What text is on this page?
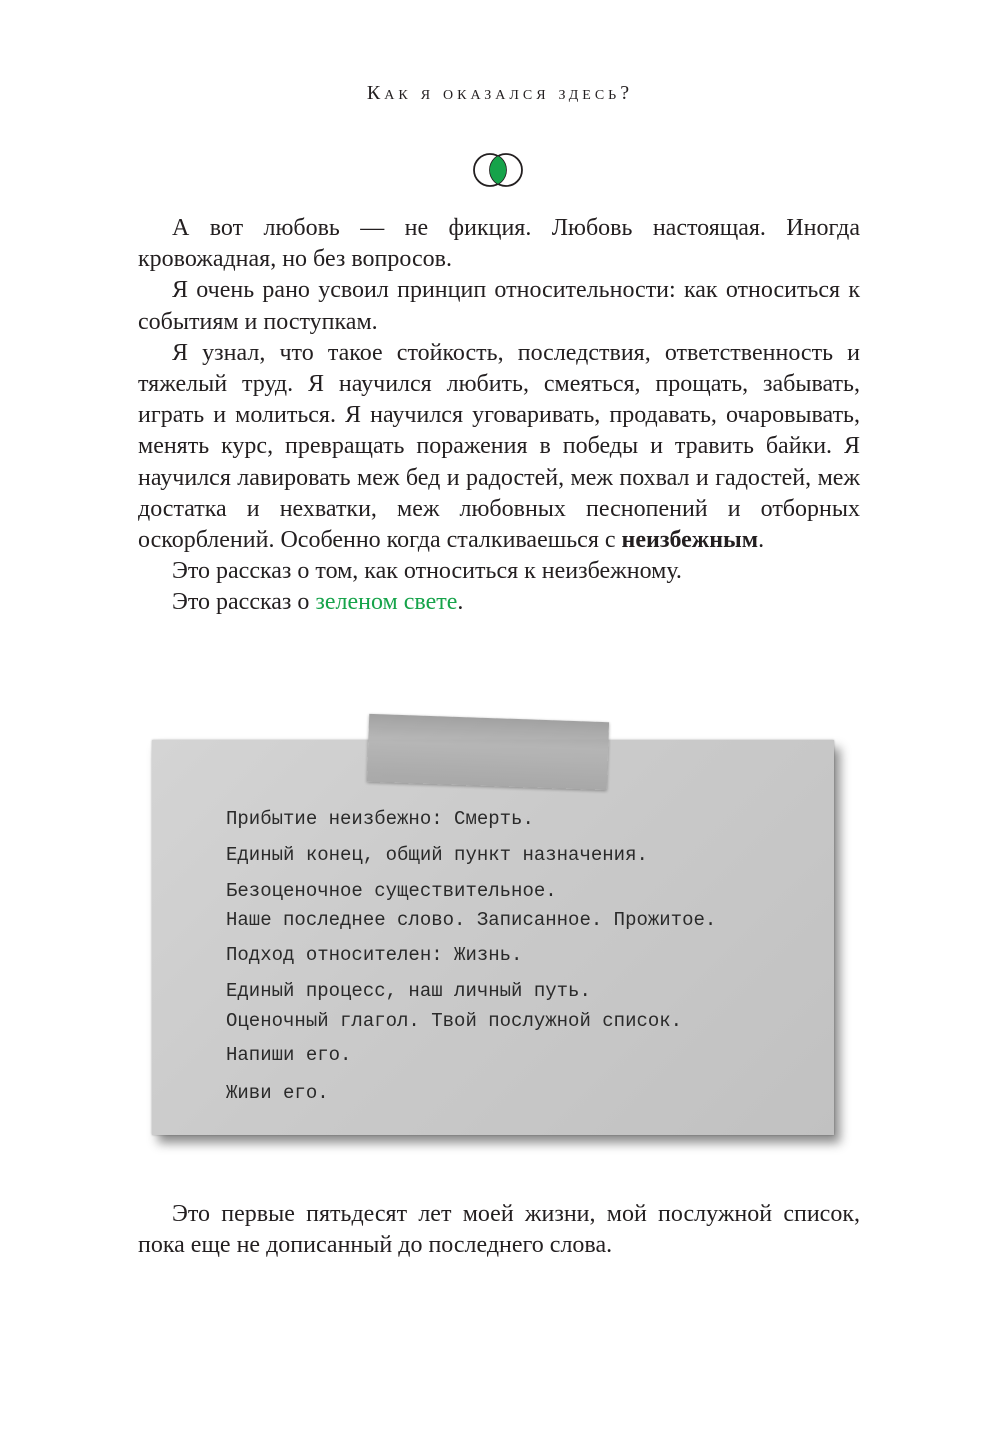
Как я оказался здесь?

А вот любовь — не фикция. Любовь настоящая. Иногда кровожадная, но без вопросов.

Я очень рано усвоил принцип относительности: как относиться к событиям и поступкам.

Я узнал, что такое стойкость, последствия, ответственность и тяжелый труд. Я научился любить, смеяться, прощать, забывать, играть и молиться. Я научился уговаривать, продавать, очаровывать, менять курс, превращать поражения в победы и травить байки. Я научился лавировать меж бед и радостей, меж похвал и гадостей, меж достатка и нехватки, меж любовных песнопений и отборных оскорблений. Особенно когда сталкиваешься с неизбежным.

Это рассказ о том, как относиться к неизбежному.

Это рассказ о зеленом свете.

Прибытие неизбежно: Смерть.
Единый конец, общий пункт назначения.
Безоценочное существительное.
Наше последнее слово. Записанное. Прожитое.
Подход относителен: Жизнь.
Единый процесс, наш личный путь.
Оценочный глагол. Твой послужной список.
Напиши его.
Живи его.

Это первые пятьдесят лет моей жизни, мой послужной список, пока еще не дописанный до последнего слова.
